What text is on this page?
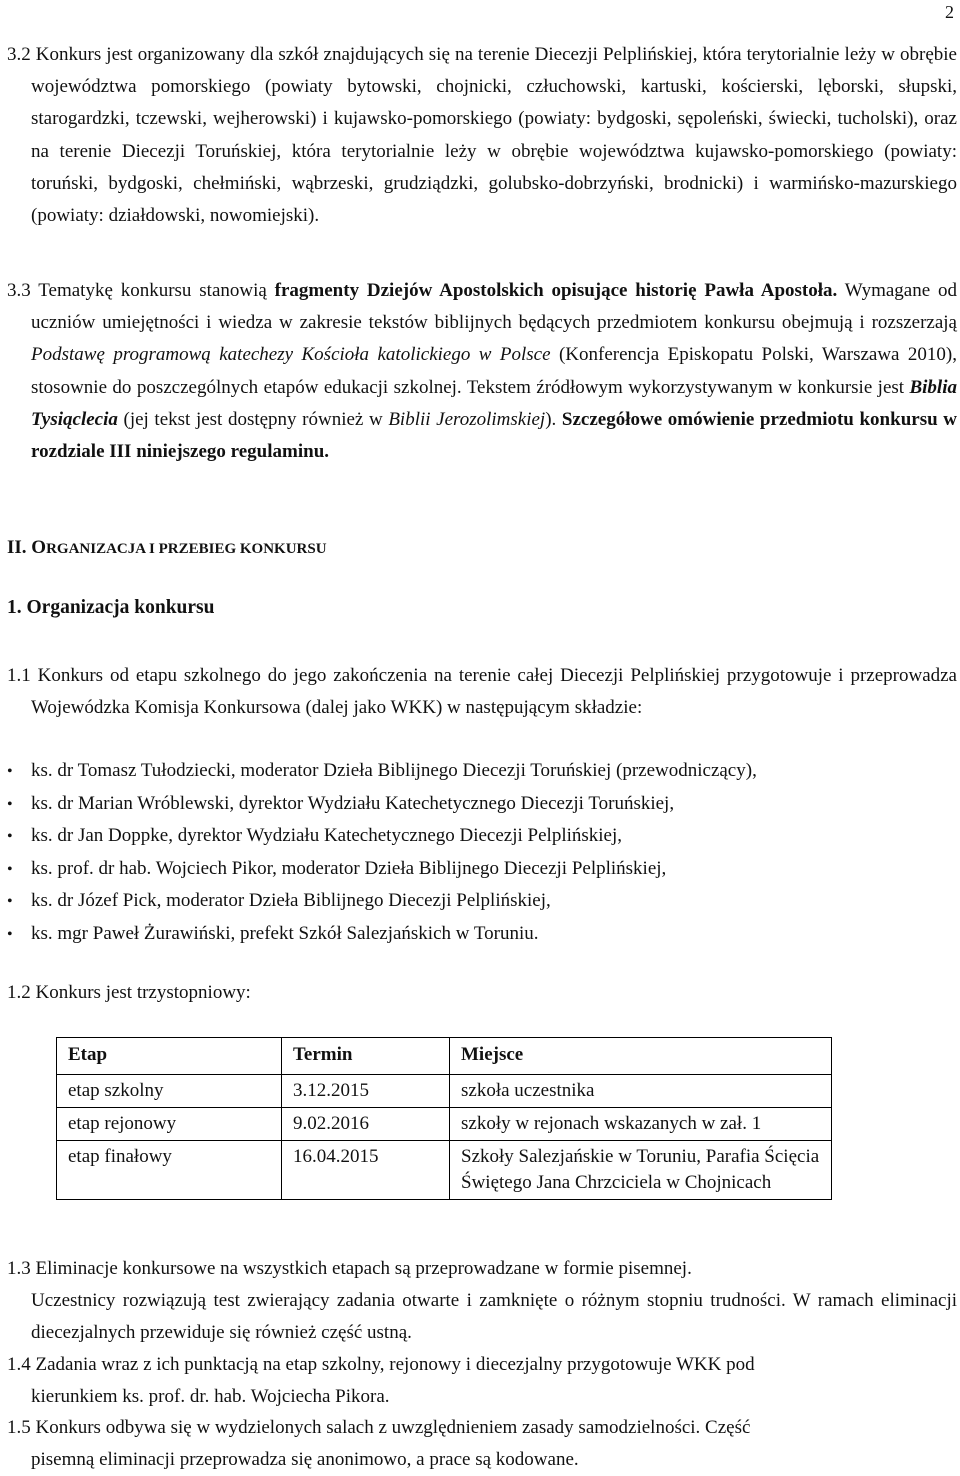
2

3.2 Konkurs jest organizowany dla szkół znajdujących się na terenie Diecezji Pelplińskiej, która terytorialnie leży w obrębie województwa pomorskiego (powiaty bytowski, chojnicki, człuchowski, kartuski, kościerski, lęborski, słupski, starogardzki, tczewski, wejherowski) i kujawsko-pomorskiego (powiaty: bydgoski, sępoleński, świecki, tucholski), oraz na terenie Diecezji Toruńskiej, która terytorialnie leży w obrębie województwa kujawsko-pomorskiego (powiaty: toruński, bydgoski, chełmiński, wąbrzeski, grudziądzki, golubsko-dobrzyński, brodnicki) i warmińsko-mazurskiego (powiaty: działdowski, nowomiejski).

3.3 Tematykę konkursu stanowią fragmenty Dziejów Apostolskich opisujące historię Pawła Apostoła. Wymagane od uczniów umiejętności i wiedza w zakresie tekstów biblijnych będących przedmiotem konkursu obejmują i rozszerzają Podstawę programową katechezy Kościoła katolickiego w Polsce (Konferencja Episkopatu Polski, Warszawa 2010), stosownie do poszczególnych etapów edukacji szkolnej. Tekstem źródłowym wykorzystywanym w konkursie jest Biblia Tysiąclecia (jej tekst jest dostępny również w Biblii Jerozolimskiej). Szczegółowe omówienie przedmiotu konkursu w rozdziale III niniejszego regulaminu.

II. ORGANIZACJA I PRZEBIEG KONKURSU

1. Organizacja konkursu

1.1 Konkurs od etapu szkolnego do jego zakończenia na terenie całej Diecezji Pelplińskiej przygotowuje i przeprowadza Wojewódzka Komisja Konkursowa (dalej jako WKK) w następującym składzie:

• ks. dr Tomasz Tułodziecki, moderator Dzieła Biblijnego Diecezji Toruńskiej (przewodniczący),
• ks. dr Marian Wróblewski, dyrektor Wydziału Katechetycznego Diecezji Toruńskiej,
• ks. dr Jan Doppke, dyrektor Wydziału Katechetycznego Diecezji Pelplińskiej,
• ks. prof. dr hab. Wojciech Pikor, moderator Dzieła Biblijnego Diecezji Pelplińskiej,
• ks. dr Józef Pick, moderator Dzieła Biblijnego Diecezji Pelplińskiej,
• ks. mgr Paweł Żurawiński, prefekt Szkół Salezjańskich w Toruniu.

1.2 Konkurs jest trzystopniowy:

Etap	Termin	Miejsce
etap szkolny	3.12.2015	szkoła uczestnika
etap rejonowy	9.02.2016	szkoły w rejonach wskazanych w zał. 1
etap finałowy	16.04.2015	Szkoły Salezjańskie w Toruniu, Parafia Ścięcia Świętego Jana Chrzciciela w Chojnicach

1.3 Eliminacje konkursowe na wszystkich etapach są przeprowadzane w formie pisemnej.
Uczestnicy rozwiązują test zwierający zadania otwarte i zamknięte o różnym stopniu trudności. W ramach eliminacji diecezjalnych przewiduje się również część ustną.

1.4 Zadania wraz z ich punktacją na etap szkolny, rejonowy i diecezjalny przygotowuje WKK pod
kierunkiem ks. prof. dr. hab. Wojciecha Pikora.

1.5 Konkurs odbywa się w wydzielonych salach z uwzględnieniem zasady samodzielności. Część
pisemną eliminacji przeprowadza się anonimowo, a prace są kodowane.
